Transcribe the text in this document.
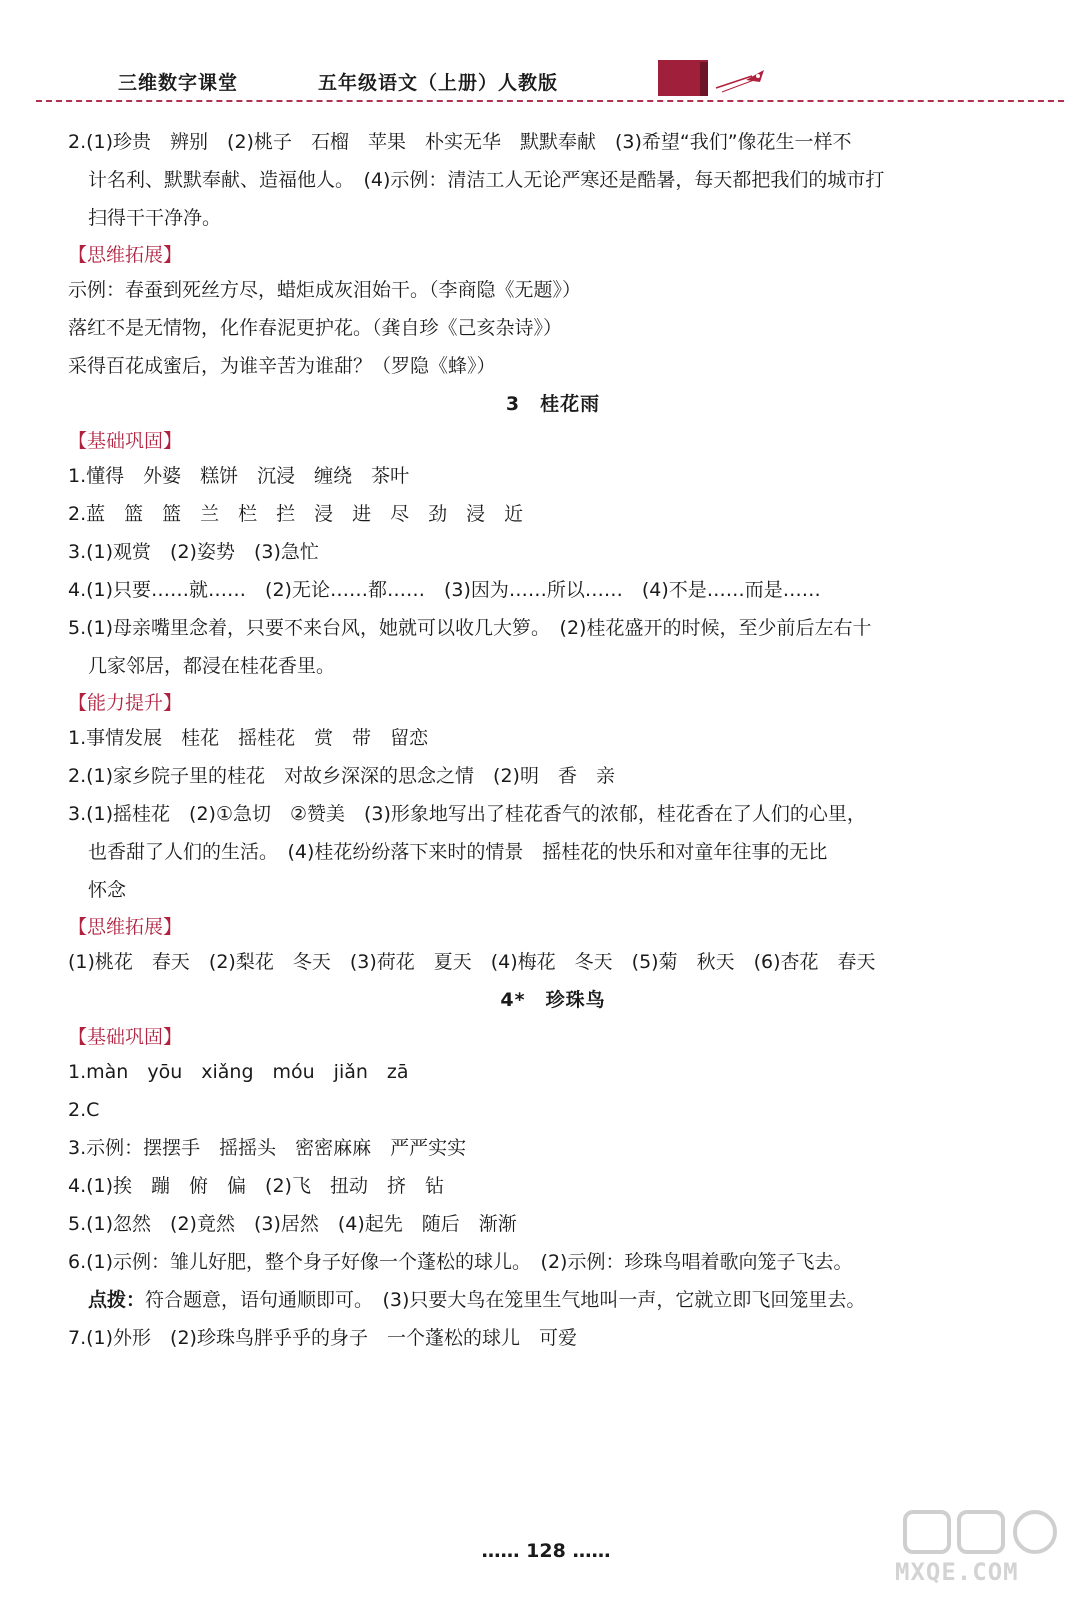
三维数字课堂	五年级语文（上册）人教版
2.(1)珍贵　辨别　(2)桃子　石榴　苹果　朴实无华　默默奉献　(3)希望“我们”像花生一样不
计名利、默默奉献、造福他人。　(4)示例：清洁工人无论严寒还是酷暑，每天都把我们的城市打
扫得干干净净。
【思维拓展】
示例：春蚕到死丝方尽，蜡炬成灰泪始干。（李商隐《无题》）
落红不是无情物，化作春泥更护花。（龚自珍《己亥杂诗》）
采得百花成蜜后，为谁辛苦为谁甜？（罗隐《蜂》）
3　桂花雨
【基础巩固】
1.懂得　外婆　糕饼　沉浸　缠绕　茶叶
2.蓝　篮　篮　兰　栏　拦　浸　进　尽　劲　浸　近
3.(1)观赏　(2)姿势　(3)急忙
4.(1)只要……就……　(2)无论……都……　(3)因为……所以……　(4)不是……而是……
5.(1)母亲嘴里念着，只要不来台风，她就可以收几大箩。　(2)桂花盛开的时候，至少前后左右十
几家邻居，都浸在桂花香里。
【能力提升】
1.事情发展　桂花　摇桂花　赏　带　留恋
2.(1)家乡院子里的桂花　对故乡深深的思念之情　(2)明　香　亲
3.(1)摇桂花　(2)①急切　②赞美　(3)形象地写出了桂花香气的浓郁，桂花香在了人们的心里，
也香甜了人们的生活。　(4)桂花纷纷落下来时的情景　摇桂花的快乐和对童年往事的无比
怀念
【思维拓展】
(1)桃花　春天　(2)梨花　冬天　(3)荷花　夏天　(4)梅花　冬天　(5)菊　秋天　(6)杏花　春天
4*　珍珠鸟
【基础巩固】
1.màn　yōu　xiǎng　móu　jiǎn　zā
2.C
3.示例：摆摆手　摇摇头　密密麻麻　严严实实
4.(1)挨　蹦　俯　偏　(2)飞　扭动　挤　钻
5.(1)忽然　(2)竟然　(3)居然　(4)起先　随后　渐渐
6.(1)示例：雏儿好肥，整个身子好像一个蓬松的球儿。　(2)示例：珍珠鸟唱着歌向笼子飞去。
点拨：符合题意，语句通顺即可。　(3)只要大鸟在笼里生气地叫一声，它就立即飞回笼里去。
7.(1)外形　(2)珍珠鸟胖乎乎的身子　一个蓬松的球儿　可爱
…… 128 ……
MXQE.COM
